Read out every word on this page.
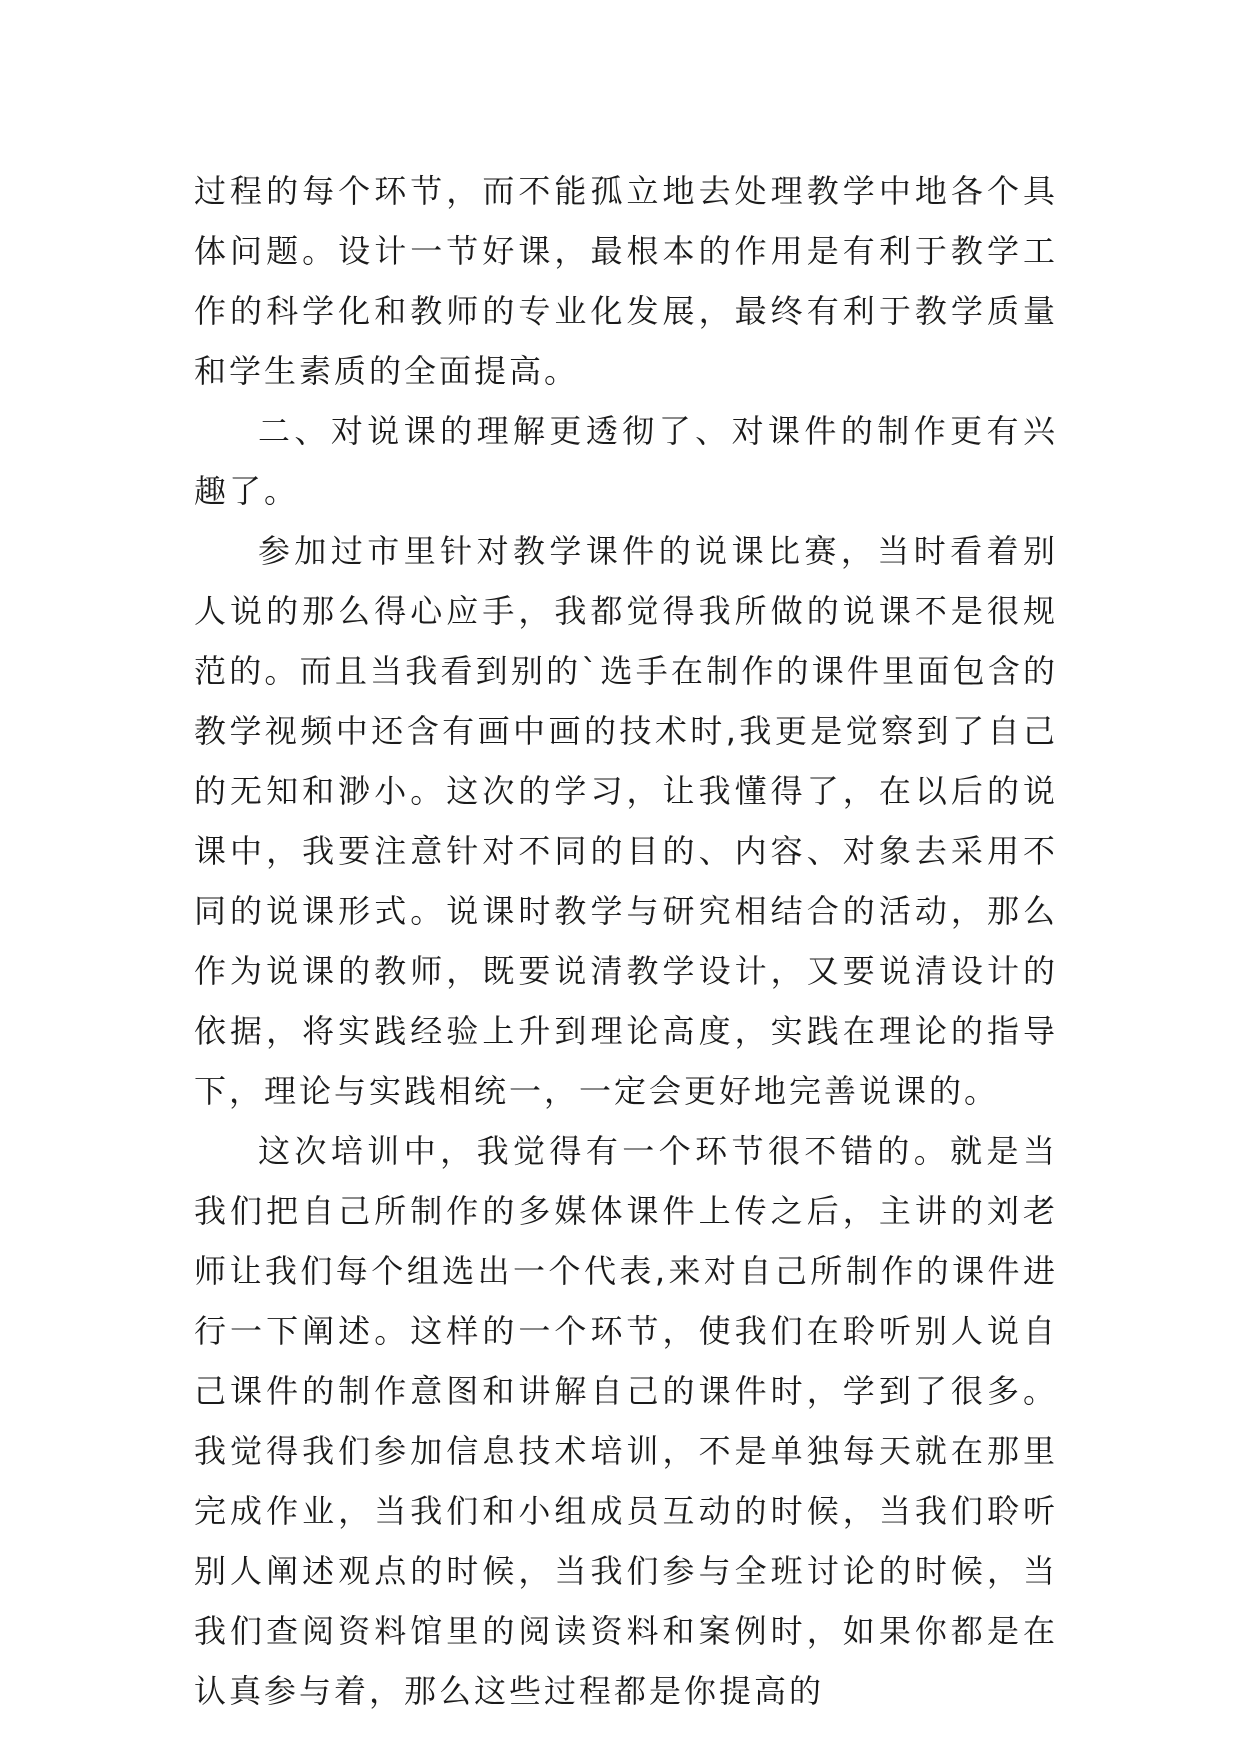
过程的每个环节，而不能孤立地去处理教学中地各个具体问题。设计一节好课，最根本的作用是有利于教学工作的科学化和教师的专业化发展，最终有利于教学质量和学生素质的全面提高。

二、对说课的理解更透彻了、对课件的制作更有兴趣了。

参加过市里针对教学课件的说课比赛，当时看着别人说的那么得心应手，我都觉得我所做的说课不是很规范的。而且当我看到别的`选手在制作的课件里面包含的教学视频中还含有画中画的技术时,我更是觉察到了自己的无知和渺小。这次的学习，让我懂得了，在以后的说课中，我要注意针对不同的目的、内容、对象去采用不同的说课形式。说课时教学与研究相结合的活动，那么作为说课的教师，既要说清教学设计，又要说清设计的依据，将实践经验上升到理论高度，实践在理论的指导下，理论与实践相统一，一定会更好地完善说课的。

这次培训中，我觉得有一个环节很不错的。就是当我们把自己所制作的多媒体课件上传之后，主讲的刘老师让我们每个组选出一个代表,来对自己所制作的课件进行一下阐述。这样的一个环节，使我们在聆听别人说自己课件的制作意图和讲解自己的课件时，学到了很多。我觉得我们参加信息技术培训，不是单独每天就在那里完成作业，当我们和小组成员互动的时候，当我们聆听别人阐述观点的时候，当我们参与全班讨论的时候，当我们查阅资料馆里的阅读资料和案例时，如果你都是在认真参与着，那么这些过程都是你提高的
